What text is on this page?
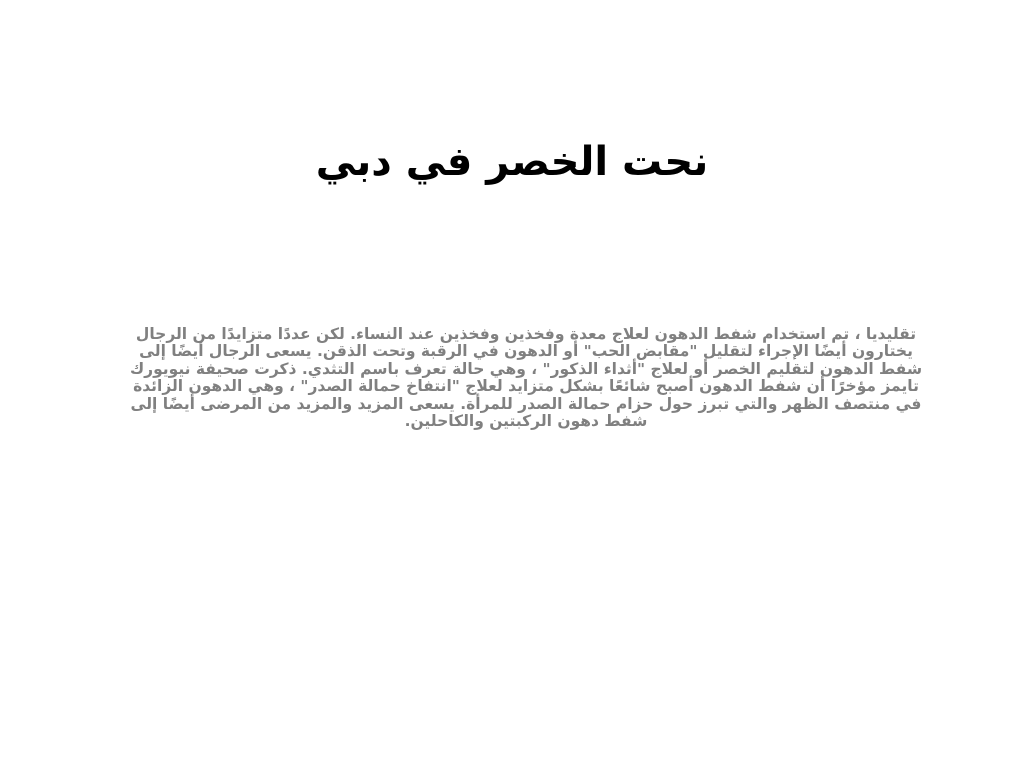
نحت الخصر في دبي

تقليديا ، تم استخدام شفط الدهون لعلاج معدة وفخذين وفخذين عند النساء. لكن عددًا متزايدًا من الرجال يختارون أيضًا الإجراء لتقليل "مقابض الحب" أو الدهون في الرقبة وتحت الذقن. يسعى الرجال أيضًا إلى شفط الدهون لتقليم الخصر أو لعلاج "أثداء الذكور" ، وهي حالة تعرف باسم التثدي. ذكرت صحيفة نيويورك تايمز مؤخرًا أن شفط الدهون أصبح شائعًا بشكل متزايد لعلاج "انتفاخ حمالة الصدر" ، وهي الدهون الزائدة في منتصف الظهر والتي تبرز حول حزام حمالة الصدر للمرأة. يسعى المزيد والمزيد من المرضى أيضًا إلى شفط دهون الركبتين والكاحلين.
